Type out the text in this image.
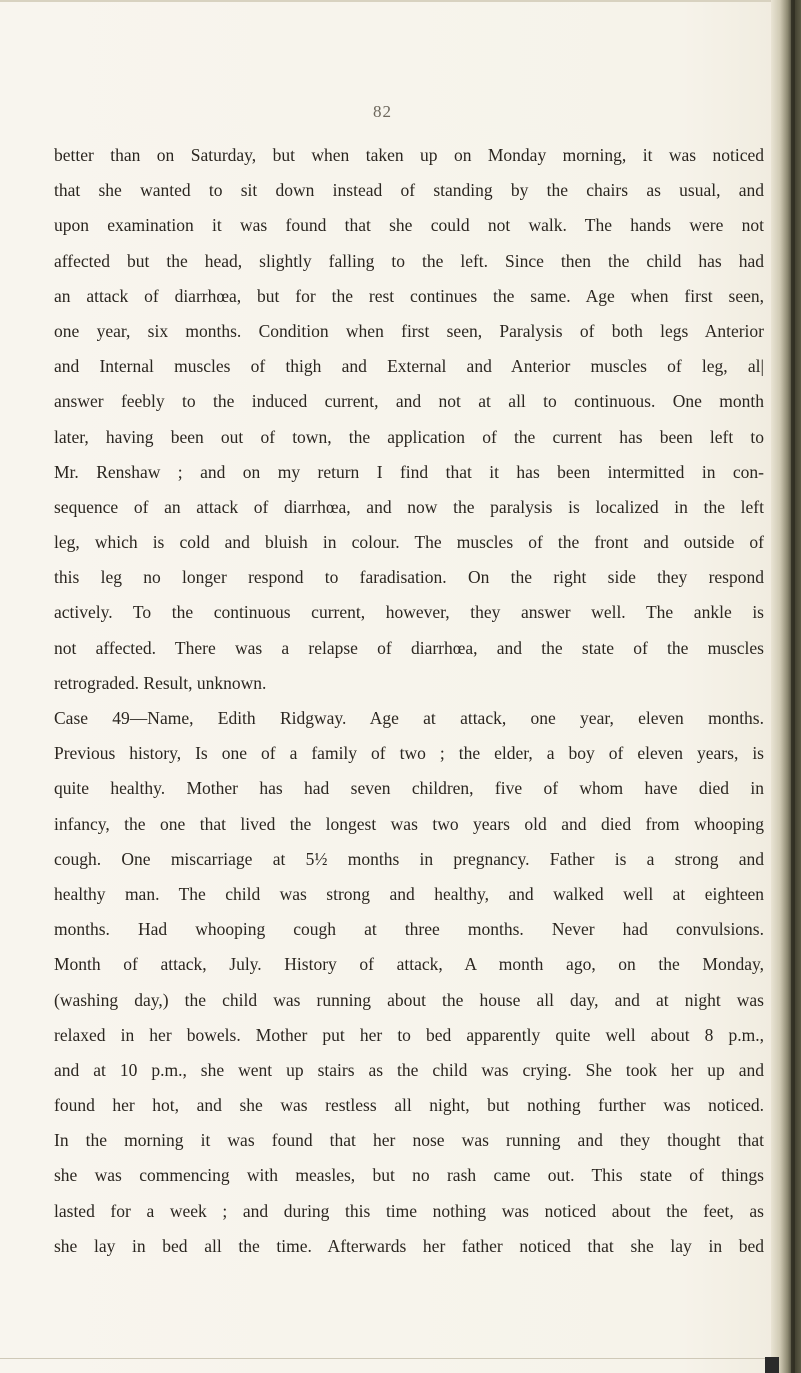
82
better than on Saturday, but when taken up on Monday morning, it was noticed
that she wanted to sit down instead of standing by the chairs as usual, and
upon examination it was found that she could not walk. The hands were not
affected but the head, slightly falling to the left. Since then the child has had
an attack of diarrhœa, but for the rest continues the same. Age when first seen,
one year, six months. Condition when first seen, Paralysis of both legs Anterior
and Internal muscles of thigh and External and Anterior muscles of leg, al|
answer feebly to the induced current, and not at all to continuous. One month
later, having been out of town, the application of the current has been left to
Mr. Renshaw ; and on my return I find that it has been intermitted in con-
sequence of an attack of diarrhœa, and now the paralysis is localized in the left
leg, which is cold and bluish in colour. The muscles of the front and outside of
this leg no longer respond to faradisation. On the right side they respond
actively. To the continuous current, however, they answer well. The ankle is
not affected. There was a relapse of diarrhœa, and the state of the muscles
retrograded. Result, unknown.
Case 49—Name, Edith Ridgway. Age at attack, one year, eleven months.
Previous history, Is one of a family of two ; the elder, a boy of eleven years, is
quite healthy. Mother has had seven children, five of whom have died in
infancy, the one that lived the longest was two years old and died from whooping
cough. One miscarriage at 5½ months in pregnancy. Father is a strong and
healthy man. The child was strong and healthy, and walked well at eighteen
months. Had whooping cough at three months. Never had convulsions.
Month of attack, July. History of attack, A month ago, on the Monday,
(washing day,) the child was running about the house all day, and at night was
relaxed in her bowels. Mother put her to bed apparently quite well about 8 p.m.,
and at 10 p.m., she went up stairs as the child was crying. She took her up and
found her hot, and she was restless all night, but nothing further was noticed.
In the morning it was found that her nose was running and they thought that
she was commencing with measles, but no rash came out. This state of things
lasted for a week ; and during this time nothing was noticed about the feet, as
she lay in bed all the time. Afterwards her father noticed that she lay in bed
